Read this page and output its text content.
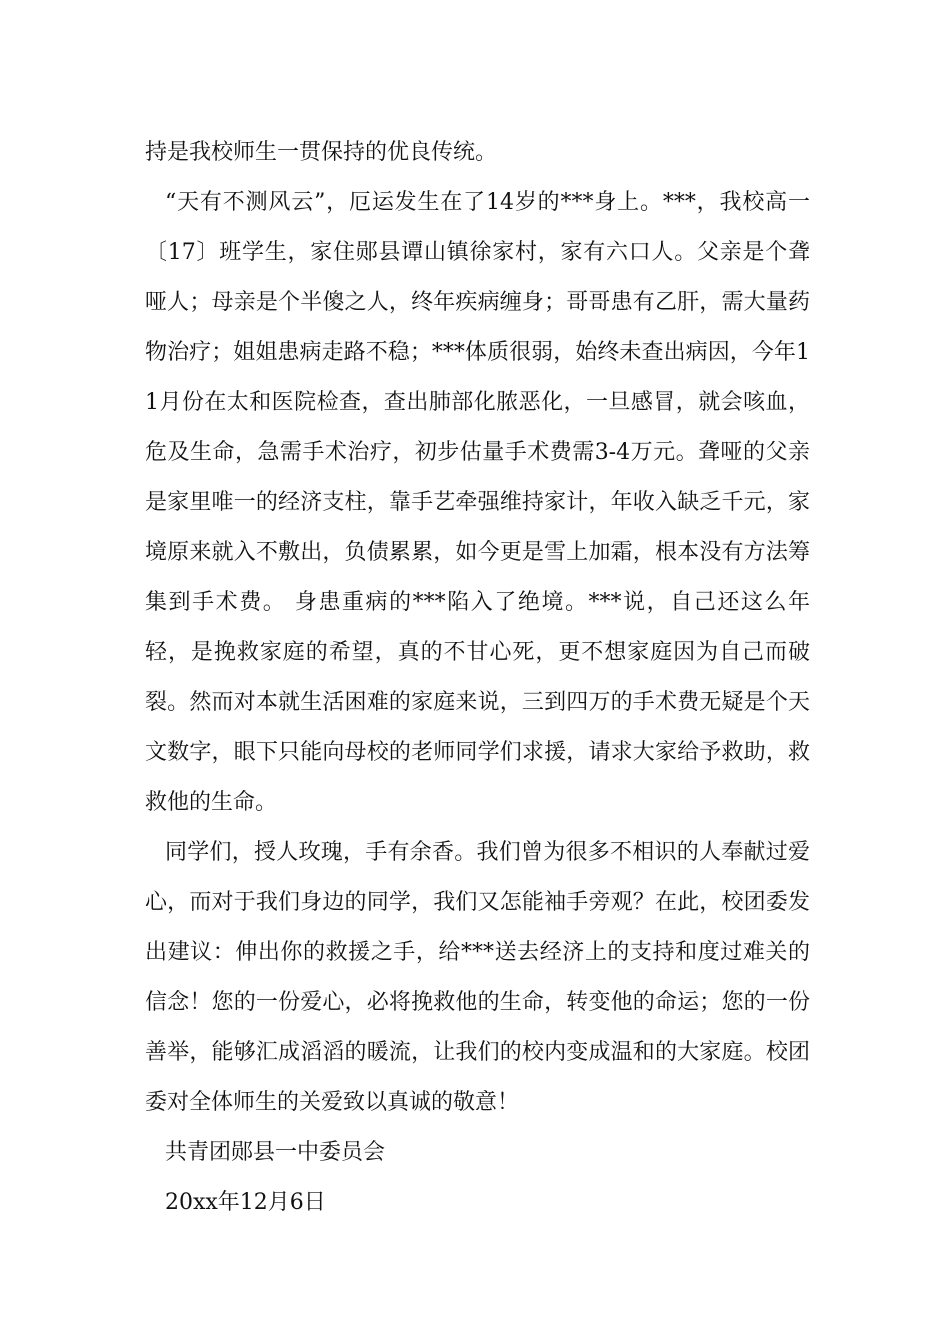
持是我校师生一贯保持的优良传统。

“天有不测风云”，厄运发生在了14岁的***身上。***，我校高一〔17〕班学生，家住郧县谭山镇徐家村，家有六口人。父亲是个聋哑人；母亲是个半傻之人，终年疾病缠身；哥哥患有乙肝，需大量药物治疗；姐姐患病走路不稳；***体质很弱，始终未查出病因，今年11月份在太和医院检查，查出肺部化脓恶化，一旦感冒，就会咳血，危及生命，急需手术治疗，初步估量手术费需3-4万元。聋哑的父亲是家里唯一的经济支柱，靠手艺牵强维持家计，年收入缺乏千元，家境原来就入不敷出，负债累累，如今更是雪上加霜，根本没有方法筹集到手术费。 身患重病的***陷入了绝境。***说，自己还这么年轻，是挽救家庭的希望，真的不甘心死，更不想家庭因为自己而破裂。然而对本就生活困难的家庭来说，三到四万的手术费无疑是个天文数字，眼下只能向母校的老师同学们求援，请求大家给予救助，救救他的生命。

同学们，授人玫瑰，手有余香。我们曾为很多不相识的人奉献过爱心，而对于我们身边的同学，我们又怎能袖手旁观？在此，校团委发出建议：伸出你的救援之手，给***送去经济上的支持和度过难关的信念！您的一份爱心，必将挽救他的生命，转变他的命运；您的一份善举，能够汇成滔滔的暖流，让我们的校内变成温和的大家庭。校团委对全体师生的关爱致以真诚的敬意！

共青团郧县一中委员会

20xx年12月6日
